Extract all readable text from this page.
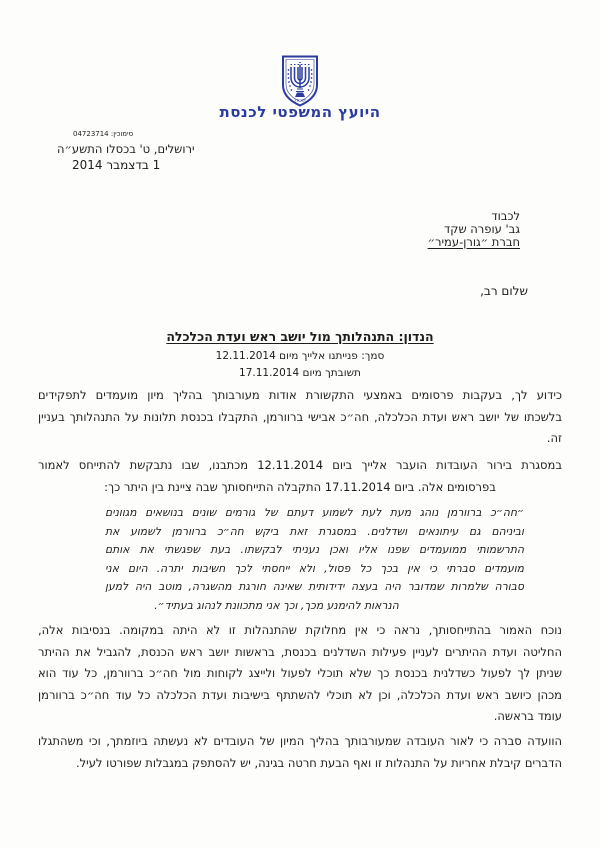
ישראל
היועץ המשפטי לכנסת
סימוכין: 04723714
ירושלים, ט' בכסלו התשע״ה
1 בדצמבר 2014
לכבוד
גב' עופרה שקד
חברת ״גורן-עמיר״
שלום רב,
הנדון: התנהלותך מול יושב ראש ועדת הכלכלה
סמך: פנייתנו אלייך מיום 12.11.2014
תשובתך מיום 17.11.2014
כידוע לך, בעקבות פרסומים באמצעי התקשורת אודות מעורבותך בהליך מיון מועמדים לתפקידים
בלשכתו של יושב ראש ועדת הכלכלה, חה״כ אבישי ברוורמן, התקבלו בכנסת תלונות על התנהלותך בעניין
זה.
במסגרת בירור העובדות הועבר אלייך ביום 12.11.2014 מכתבנו, שבו נתבקשת להתייחס לאמור
בפרסומים אלה. ביום 17.11.2014 התקבלה התייחסותך שבה ציינת בין היתר כך:
״חה״כ ברוורמן נוהג מעת לעת לשמוע דעתם של גורמים שונים בנושאים מגוונים
וביניהם גם עיתונאים ושדלנים. במסגרת זאת ביקש חה״כ ברוורמן לשמוע את
התרשמותי ממועמדים שפנו אליו ואכן נעניתי לבקשתו. בעת שפגשתי את אותם
מועמדים סברתי כי אין בכך כל פסול, ולא ייחסתי לכך חשיבות יתרה. היום אני
סבורה שלמרות שמדובר היה בעצה ידידותית שאינה חורגת מהשגרה, מוטב היה למען
הנראות להימנע מכך, וכך אני מתכוונת לנהוג בעתיד״.
נוכח האמור בהתייחסותך, נראה כי אין מחלוקת שהתנהלות זו לא היתה במקומה. בנסיבות אלה,
החליטה ועדת ההיתרים לעניין פעילות השדלנים בכנסת, בראשות יושב ראש הכנסת, להגביל את ההיתר
שניתן לך לפעול כשדלנית בכנסת כך שלא תוכלי לפעול ולייצג לקוחות מול חה״כ ברוורמן, כל עוד הוא
מכהן כיושב ראש ועדת הכלכלה, וכן לא תוכלי להשתתף בישיבות ועדת הכלכלה כל עוד חה״כ ברוורמן
עומד בראשה.
הוועדה סברה כי לאור העובדה שמעורבותך בהליך המיון של העובדים לא נעשתה ביוזמתך, וכי משהתגלו
הדברים קיבלת אחריות על התנהלות זו ואף הבעת חרטה בגינה, יש להסתפק במגבלות שפורטו לעיל.
